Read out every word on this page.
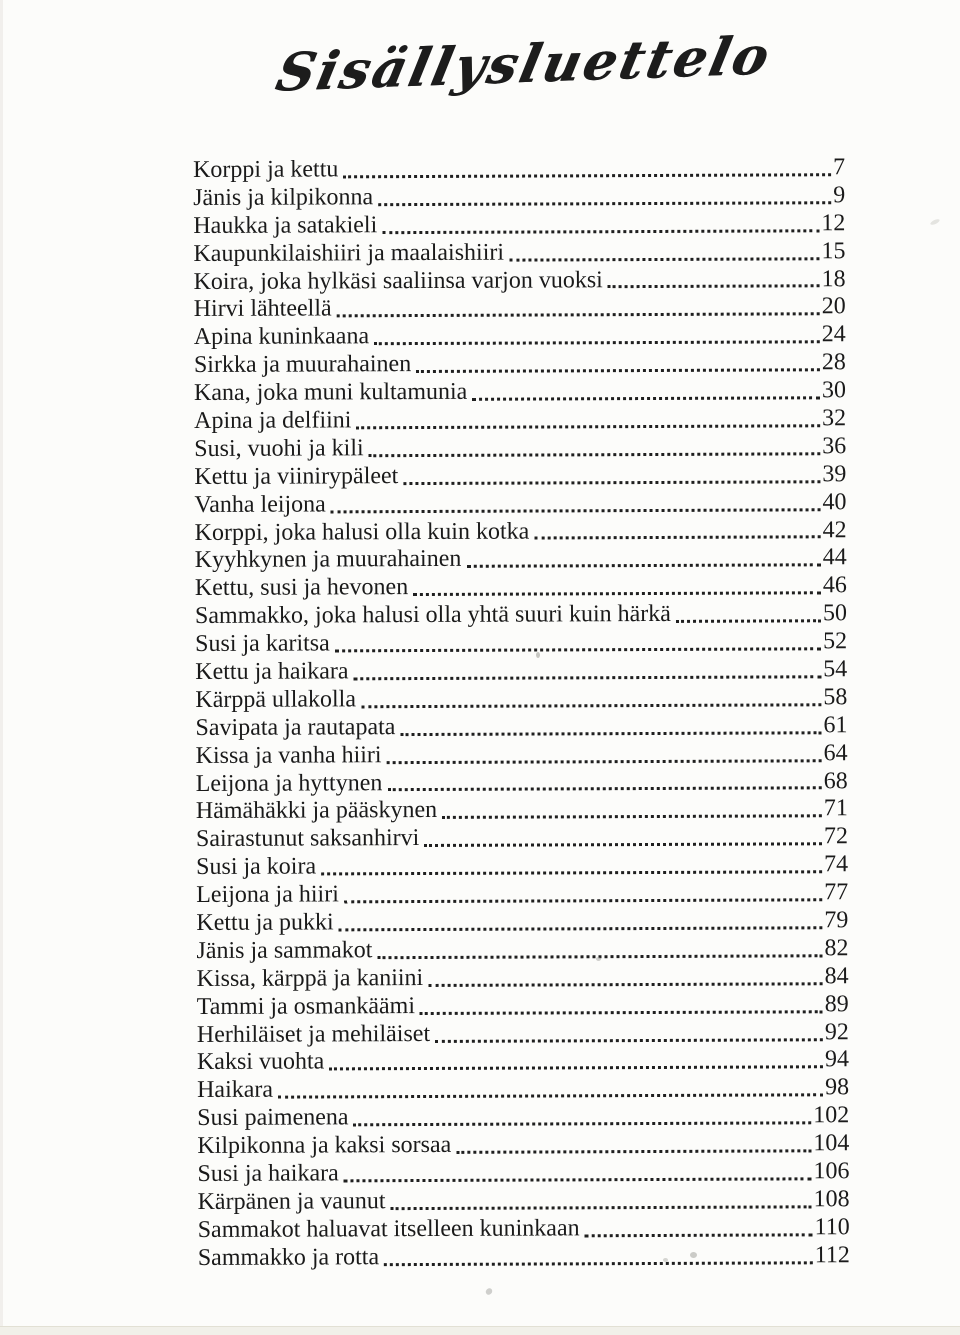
Sisällysluettelo
Korppi ja kettu	7
Jänis ja kilpikonna	9
Haukka ja satakieli	12
Kaupunkilaishiiri ja maalaishiiri	15
Koira, joka hylkäsi saaliinsa varjon vuoksi	18
Hirvi lähteellä	20
Apina kuninkaana	24
Sirkka ja muurahainen	28
Kana, joka muni kultamunia	30
Apina ja delfiini	32
Susi, vuohi ja kili	36
Kettu ja viinirypäleet	39
Vanha leijona	40
Korppi, joka halusi olla kuin kotka	42
Kyyhkynen ja muurahainen	44
Kettu, susi ja hevonen	46
Sammakko, joka halusi olla yhtä suuri kuin härkä	50
Susi ja karitsa	52
Kettu ja haikara	54
Kärppä ullakolla	58
Savipata ja rautapata	61
Kissa ja vanha hiiri	64
Leijona ja hyttynen	68
Hämähäkki ja pääskynen	71
Sairastunut saksanhirvi	72
Susi ja koira	74
Leijona ja hiiri	77
Kettu ja pukki	79
Jänis ja sammakot	82
Kissa, kärppä ja kaniini	84
Tammi ja osmankäämi	89
Herhiläiset ja mehiläiset	92
Kaksi vuohta	94
Haikara	98
Susi paimenena	102
Kilpikonna ja kaksi sorsaa	104
Susi ja haikara	106
Kärpänen ja vaunut	108
Sammakot haluavat itselleen kuninkaan	110
Sammakko ja rotta	112
